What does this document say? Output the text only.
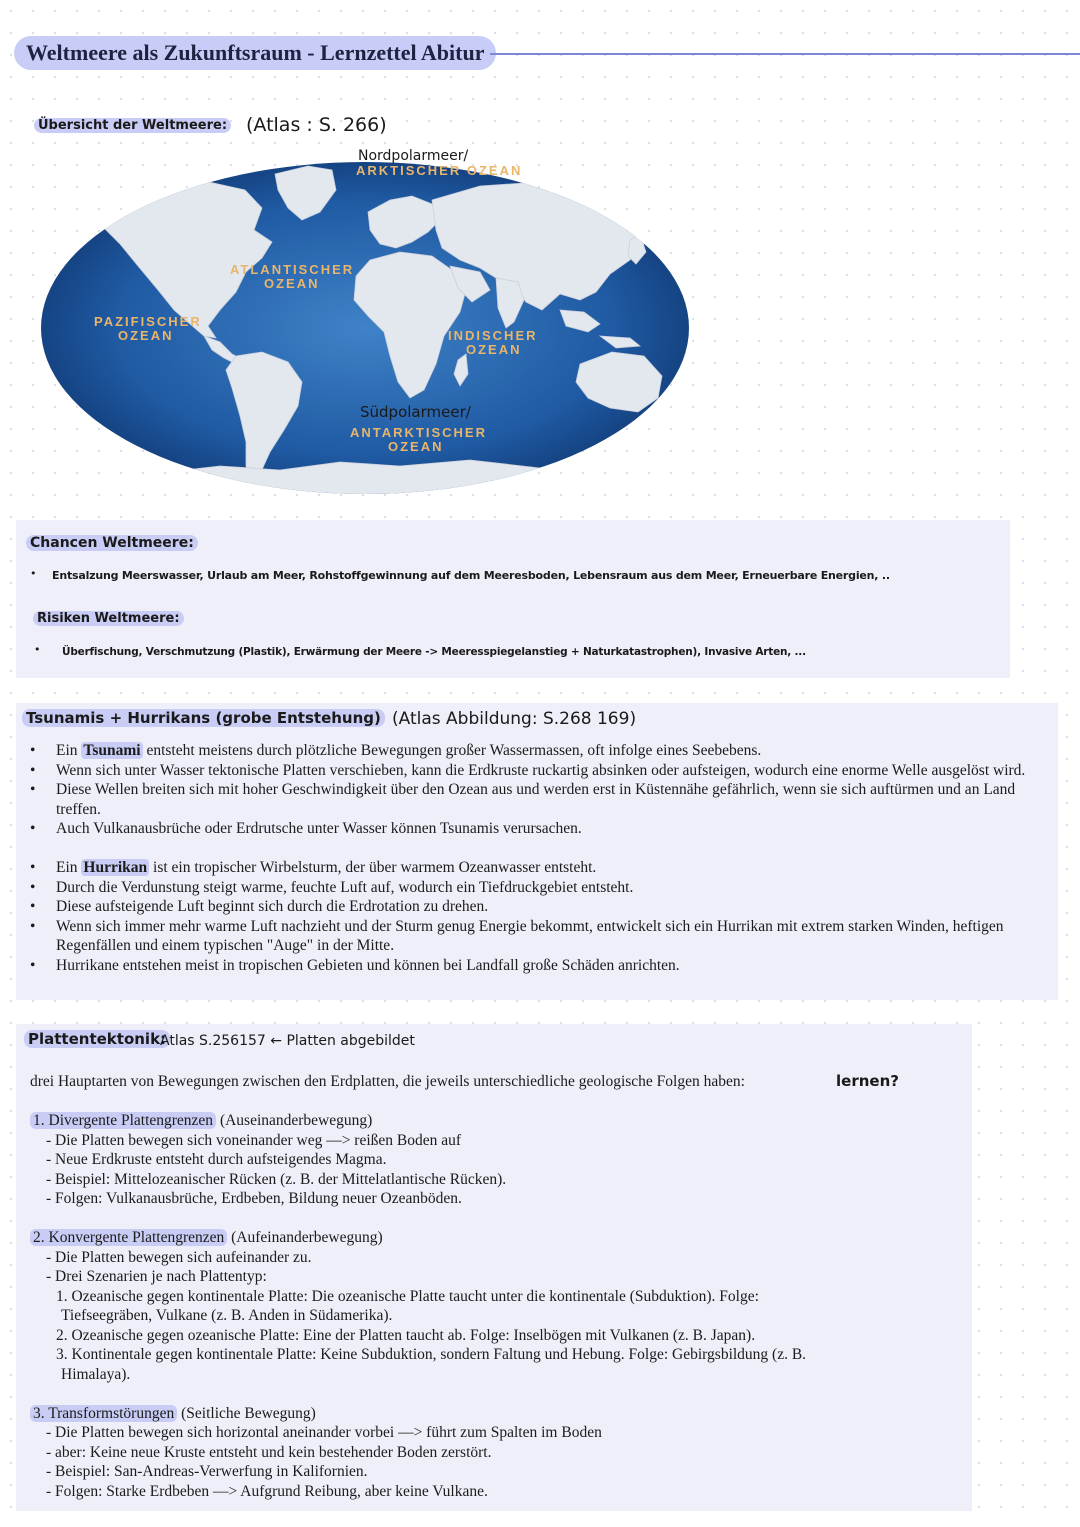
Weltmeere als Zukunftsraum - Lernzettel Abitur
Übersicht der Weltmeere: (Atlas : S. 266)
ARKTISCHER OZEAN
ATLANTISCHER
OZEAN
PAZIFISCHER
OZEAN	INDISCHER
OZEAN
ANTARKTISCHER
OZEAN
Nordpolarmeer/
Südpolarmeer/
Chancen Weltmeere:
• Entsalzung Meerswasser, Urlaub am Meer, Rohstoffgewinnung auf dem Meeresboden, Lebensraum aus dem Meer, Erneuerbare Energien, ..
Risiken Weltmeere:
• Überfischung, Verschmutzung (Plastik), Erwärmung der Meere -> Meeresspiegelanstieg + Naturkatastrophen), Invasive Arten, ...
Tsunamis + Hurrikans (grobe Entstehung) (Atlas Abbildung: S.268 169)
• Ein Tsunami entsteht meistens durch plötzliche Bewegungen großer Wassermassen, oft infolge eines Seebebens.
• Wenn sich unter Wasser tektonische Platten verschieben, kann die Erdkruste ruckartig absinken oder aufsteigen, wodurch eine enorme Welle ausgelöst wird.
• Diese Wellen breiten sich mit hoher Geschwindigkeit über den Ozean aus und werden erst in Küstennähe gefährlich, wenn sie sich auftürmen und an Land treffen.
• Auch Vulkanausbrüche oder Erdrutsche unter Wasser können Tsunamis verursachen.
• Ein Hurrikan ist ein tropischer Wirbelsturm, der über warmem Ozeanwasser entsteht.
• Durch die Verdunstung steigt warme, feuchte Luft auf, wodurch ein Tiefdruckgebiet entsteht.
• Diese aufsteigende Luft beginnt sich durch die Erdrotation zu drehen.
• Wenn sich immer mehr warme Luft nachzieht und der Sturm genug Energie bekommt, entwickelt sich ein Hurrikan mit extrem starken Winden, heftigen Regenfällen und einem typischen "Auge" in der Mitte.
• Hurrikane entstehen meist in tropischen Gebieten und können bei Landfall große Schäden anrichten.
Plattentektonik:
Atlas S.256157 ← Platten abgebildet
drei Hauptarten von Bewegungen zwischen den Erdplatten, die jeweils unterschiedliche geologische Folgen haben:
1. Divergente Plattengrenzen (Auseinanderbewegung)
- Die Platten bewegen sich voneinander weg —> reißen Boden auf
- Neue Erdkruste entsteht durch aufsteigendes Magma.
- Beispiel: Mittelozeanischer Rücken (z. B. der Mittelatlantische Rücken).
- Folgen: Vulkanausbrüche, Erdbeben, Bildung neuer Ozeanböden.
2. Konvergente Plattengrenzen (Aufeinanderbewegung)
- Die Platten bewegen sich aufeinander zu.
- Drei Szenarien je nach Plattentyp:
1. Ozeanische gegen kontinentale Platte: Die ozeanische Platte taucht unter die kontinentale (Subduktion). Folge:
Tiefseegräben, Vulkane (z. B. Anden in Südamerika).
2. Ozeanische gegen ozeanische Platte: Eine der Platten taucht ab. Folge: Inselbögen mit Vulkanen (z. B. Japan).
3. Kontinentale gegen kontinentale Platte: Keine Subduktion, sondern Faltung und Hebung. Folge: Gebirgsbildung (z. B.
Himalaya).
3. Transformstörungen (Seitliche Bewegung)
- Die Platten bewegen sich horizontal aneinander vorbei —> führt zum Spalten im Boden
- aber: Keine neue Kruste entsteht und kein bestehender Boden zerstört.
- Beispiel: San-Andreas-Verwerfung in Kalifornien.
- Folgen: Starke Erdbeben —> Aufgrund Reibung, aber keine Vulkane.
lernen?
